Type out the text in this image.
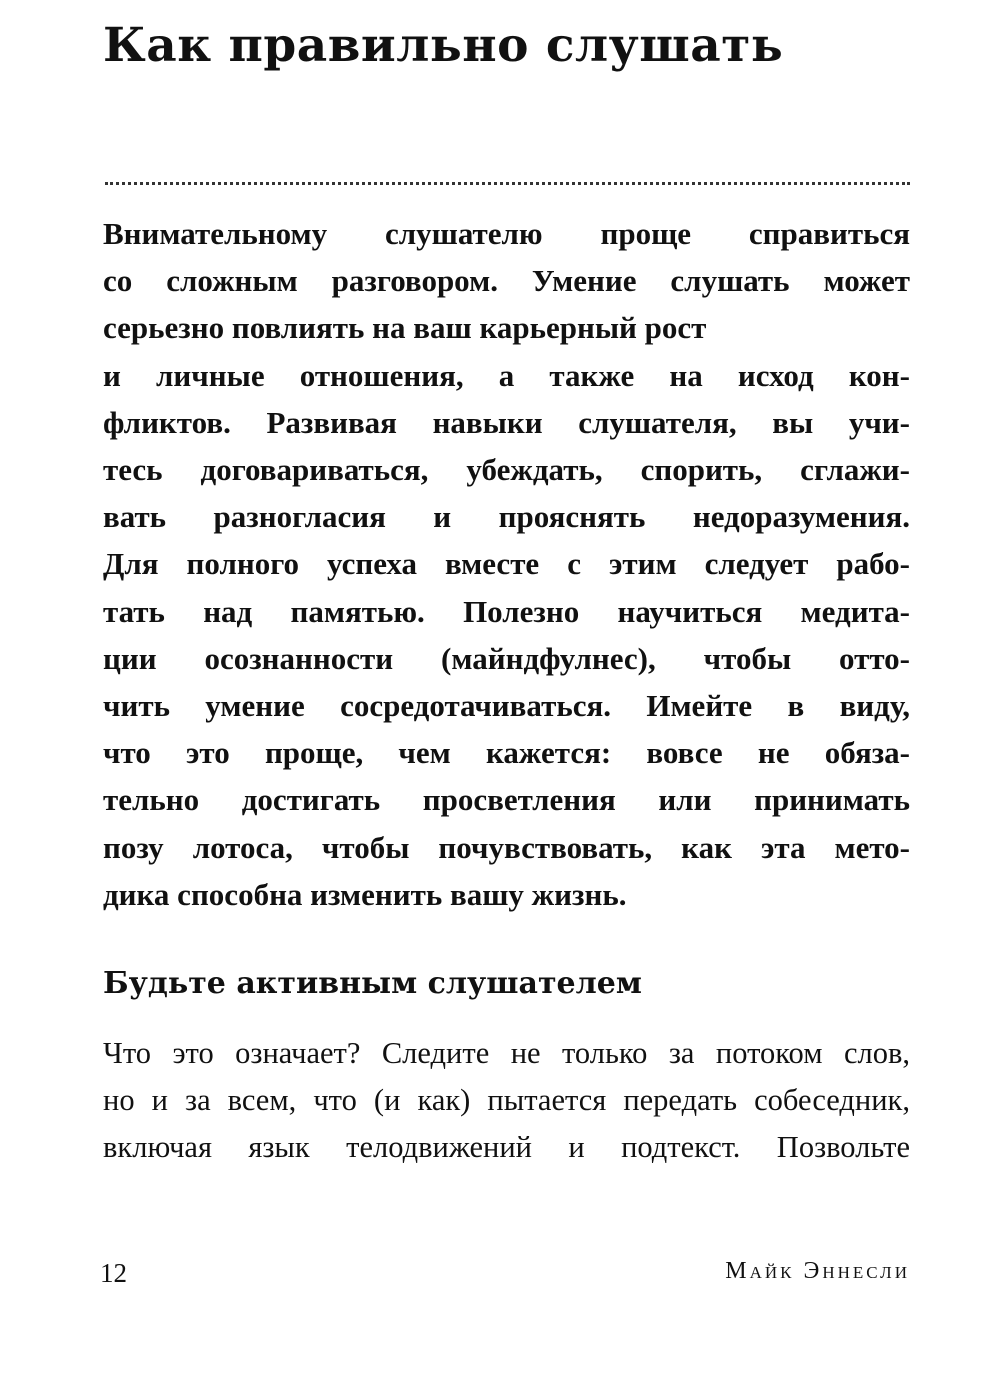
Как правильно слушать
Внимательному слушателю проще справиться
со сложным разговором. Умение слушать может
серьезно повлиять на ваш карьерный рост
и личные отношения, а также на исход кон-
фликтов. Развивая навыки слушателя, вы учи-
тесь договариваться, убеждать, спорить, сглажи-
вать разногласия и прояснять недоразумения.
Для полного успеха вместе с этим следует рабо-
тать над памятью. Полезно научиться медита-
ции осознанности (майндфулнес), чтобы отто-
чить умение сосредотачиваться. Имейте в виду,
что это проще, чем кажется: вовсе не обяза-
тельно достигать просветления или принимать
позу лотоса, чтобы почувствовать, как эта мето-
дика способна изменить вашу жизнь.
Будьте активным слушателем
Что это означает? Следите не только за потоком слов,
но и за всем, что (и как) пытается передать собеседник,
включая язык телодвижений и подтекст. Позвольте
12	Майк Эннесли
